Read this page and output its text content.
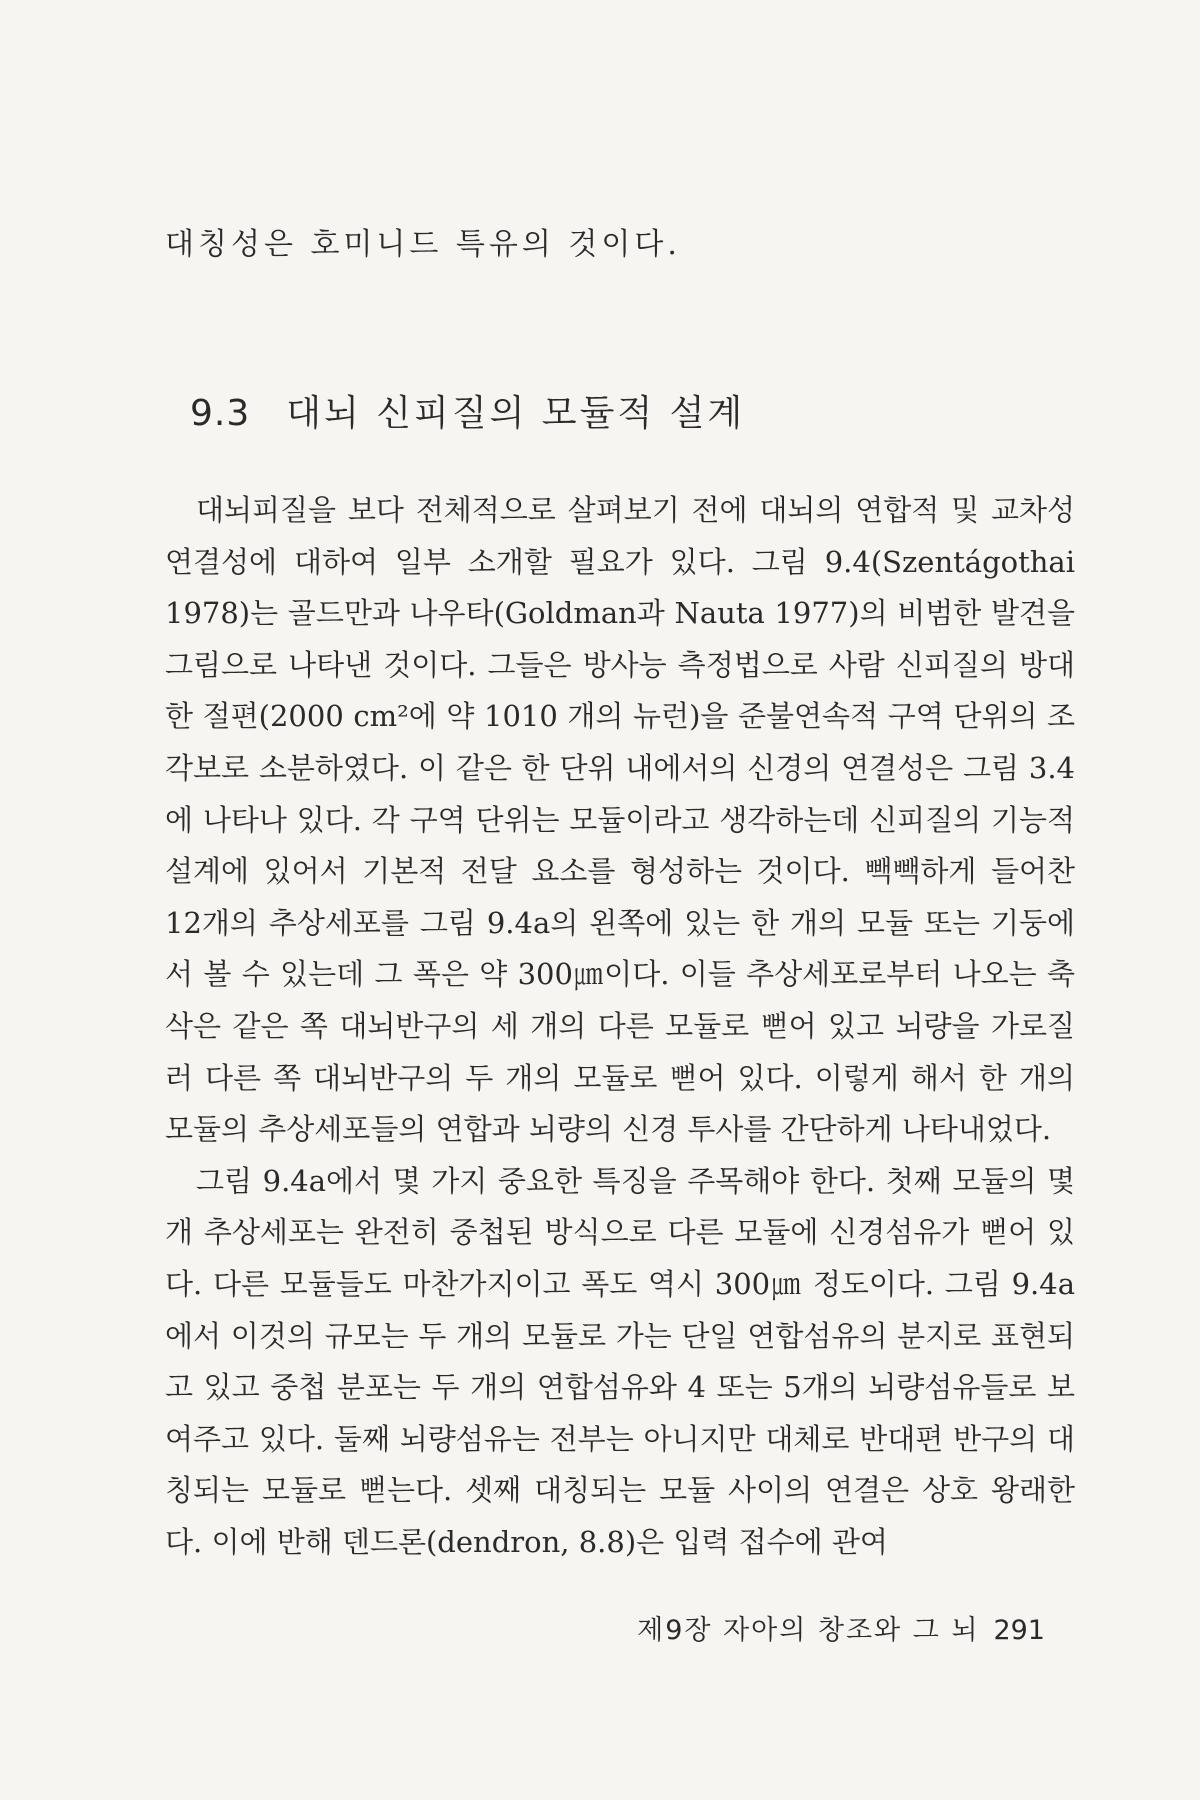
대칭성은 호미니드 특유의 것이다.
9.3 대뇌 신피질의 모듈적 설계

대뇌피질을 보다 전체적으로 살펴보기 전에 대뇌의 연합적 및 교차성 연결성에 대하여 일부 소개할 필요가 있다. 그림 9.4(Szentágothai 1978)는 골드만과 나우타(Goldman과 Nauta 1977)의 비범한 발견을 그림으로 나타낸 것이다. 그들은 방사능 측정법으로 사람 신피질의 방대한 절편(2000 cm²에 약 1010 개의 뉴런)을 준불연속적 구역 단위의 조각보로 소분하였다. 이 같은 한 단위 내에서의 신경의 연결성은 그림 3.4에 나타나 있다. 각 구역 단위는 모듈이라고 생각하는데 신피질의 기능적 설계에 있어서 기본적 전달 요소를 형성하는 것이다. 빽빽하게 들어찬 12개의 추상세포를 그림 9.4a의 왼쪽에 있는 한 개의 모듈 또는 기둥에서 볼 수 있는데 그 폭은 약 300㎛이다. 이들 추상세포로부터 나오는 축삭은 같은 쪽 대뇌반구의 세 개의 다른 모듈로 뻗어 있고 뇌량을 가로질러 다른 쪽 대뇌반구의 두 개의 모듈로 뻗어 있다. 이렇게 해서 한 개의 모듈의 추상세포들의 연합과 뇌량의 신경 투사를 간단하게 나타내었다.

그림 9.4a에서 몇 가지 중요한 특징을 주목해야 한다. 첫째 모듈의 몇 개 추상세포는 완전히 중첩된 방식으로 다른 모듈에 신경섬유가 뻗어 있다. 다른 모듈들도 마찬가지이고 폭도 역시 300㎛ 정도이다. 그림 9.4a에서 이것의 규모는 두 개의 모듈로 가는 단일 연합섬유의 분지로 표현되고 있고 중첩 분포는 두 개의 연합섬유와 4 또는 5개의 뇌량섬유들로 보여주고 있다. 둘째 뇌량섬유는 전부는 아니지만 대체로 반대편 반구의 대칭되는 모듈로 뻗는다. 셋째 대칭되는 모듈 사이의 연결은 상호 왕래한다. 이에 반해 덴드론(dendron, 8.8)은 입력 접수에 관여

제9장 자아의 창조와 그 뇌 291
